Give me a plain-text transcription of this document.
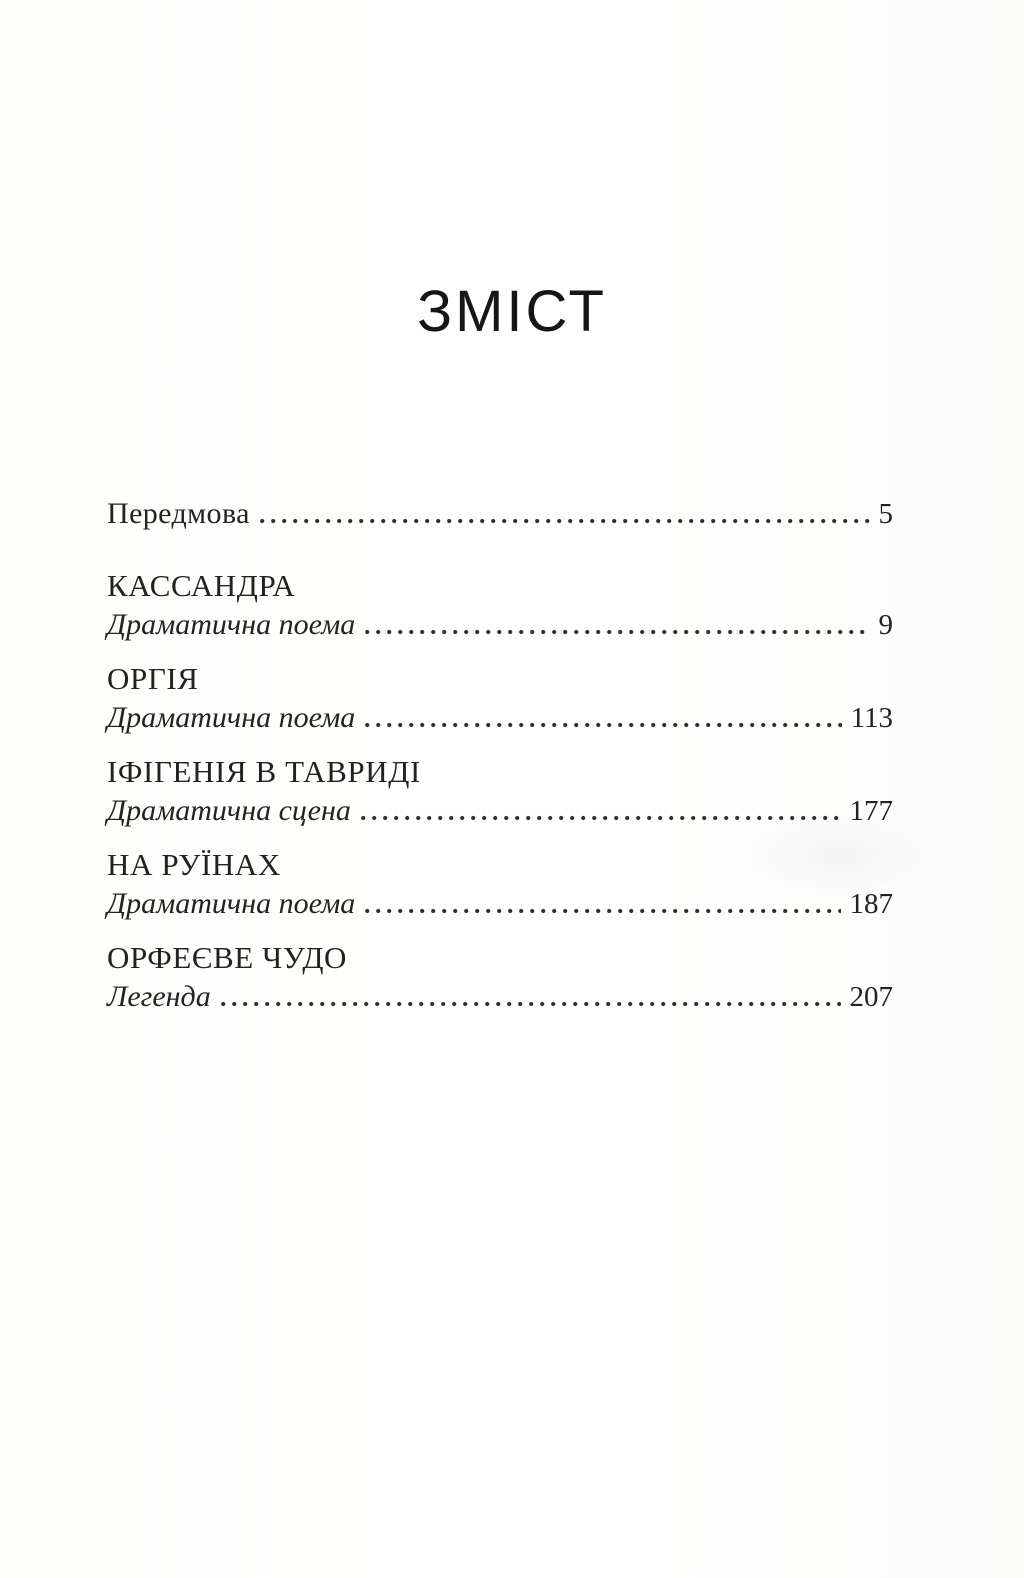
ЗМІСТ
Передмова	5
КАССАНДРА
Драматична поема	9
ОРГІЯ
Драматична поема	113
ІФІГЕНІЯ В ТАВРИДІ
Драматична сцена	177
НА РУЇНАХ
Драматична поема	187
ОРФЕЄВЕ ЧУДО
Легенда	207
